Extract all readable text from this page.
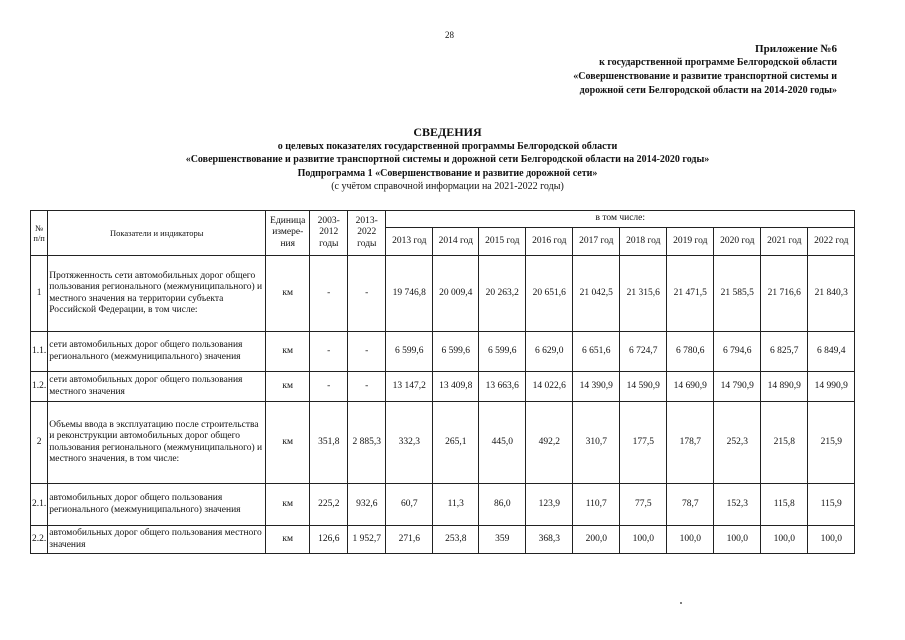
28
Приложение №6
к государственной программе Белгородской области
«Совершенствование и развитие транспортной системы и
дорожной сети Белгородской области на 2014-2020 годы»
СВЕДЕНИЯ
о целевых показателях государственной программы Белгородской области
«Совершенствование и развитие транспортной системы и дорожной сети Белгородской области на 2014-2020 годы»
Подпрограмма 1 «Совершенствование и развитие дорожной сети»
(с учётом справочной информации на 2021-2022 годы)
№ п/п	Показатели и индикаторы	Единица измере-ния	2003-2012 годы	2013-2022 годы	в том числе:									
					2013 год	2014 год	2015 год	2016 год	2017 год	2018 год	2019 год	2020 год	2021 год	2022 год
1	Протяженность сети автомобильных дорог общего пользования регионального (межмуниципального) и местного значения на территории субъекта Российской Федерации, в том числе:	км	-	-	19 746,8	20 009,4	20 263,2	20 651,6	21 042,5	21 315,6	21 471,5	21 585,5	21 716,6	21 840,3
1.1.	сети автомобильных дорог общего пользования регионального (межмуниципального) значения	км	-	-	6 599,6	6 599,6	6 599,6	6 629,0	6 651,6	6 724,7	6 780,6	6 794,6	6 825,7	6 849,4
1.2.	сети автомобильных дорог общего пользования местного значения	км	-	-	13 147,2	13 409,8	13 663,6	14 022,6	14 390,9	14 590,9	14 690,9	14 790,9	14 890,9	14 990,9
2	Объемы ввода в эксплуатацию после строительства и реконструкции автомобильных дорог общего пользования регионального (межмуниципального) и местного значения, в том числе:	км	351,8	2 885,3	332,3	265,1	445,0	492,2	310,7	177,5	178,7	252,3	215,8	215,9
2.1.	автомобильных дорог общего пользования регионального (межмуниципального) значения	км	225,2	932,6	60,7	11,3	86,0	123,9	110,7	77,5	78,7	152,3	115,8	115,9
2.2.	автомобильных дорог общего пользования местного значения	км	126,6	1 952,7	271,6	253,8	359	368,3	200,0	100,0	100,0	100,0	100,0	100,0
